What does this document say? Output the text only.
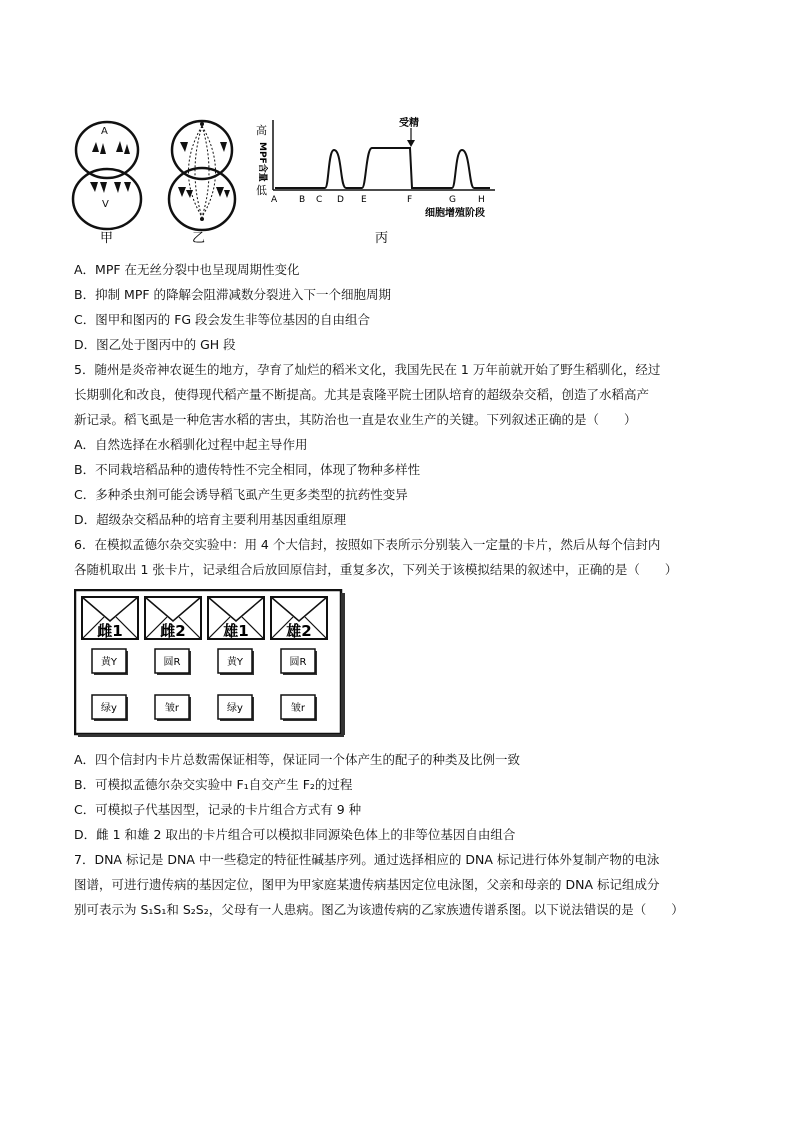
A
V
高
低
MPF含量
受精
A B C D E	F	G H
细胞增殖阶段
甲	乙	丙
A．MPF 在无丝分裂中也呈现周期性变化
B．抑制 MPF 的降解会阻滞减数分裂进入下一个细胞周期
C．图甲和图丙的 FG 段会发生非等位基因的自由组合
D．图乙处于图丙中的 GH 段
5．随州是炎帝神农诞生的地方，孕育了灿烂的稻米文化，我国先民在 1 万年前就开始了野生稻驯化，经过
长期驯化和改良，使得现代稻产量不断提高。尤其是袁隆平院士团队培育的超级杂交稻，创造了水稻高产
新记录。稻飞虱是一种危害水稻的害虫，其防治也一直是农业生产的关键。下列叙述正确的是（　　）
A．自然选择在水稻驯化过程中起主导作用
B．不同栽培稻品种的遗传特性不完全相同，体现了物种多样性
C．多种杀虫剂可能会诱导稻飞虱产生更多类型的抗药性变异
D．超级杂交稻品种的培育主要利用基因重组原理
6．在模拟孟德尔杂交实验中：用 4 个大信封，按照如下表所示分别装入一定量的卡片，然后从每个信封内
各随机取出 1 张卡片，记录组合后放回原信封，重复多次，下列关于该模拟结果的叙述中，正确的是（　　）
雌1
黄Y
绿y
雌2
圆R
皱r
雄1
黄Y
绿y
雄2
圆R
皱r
A．四个信封内卡片总数需保证相等，保证同一个体产生的配子的种类及比例一致
B．可模拟孟德尔杂交实验中 F₁自交产生 F₂的过程
C．可模拟子代基因型，记录的卡片组合方式有 9 种
D．雌 1 和雄 2 取出的卡片组合可以模拟非同源染色体上的非等位基因自由组合
7．DNA 标记是 DNA 中一些稳定的特征性碱基序列。通过选择相应的 DNA 标记进行体外复制产物的电泳
图谱，可进行遗传病的基因定位，图甲为甲家庭某遗传病基因定位电泳图，父亲和母亲的 DNA 标记组成分
别可表示为 S₁S₁和 S₂S₂，父母有一人患病。图乙为该遗传病的乙家族遗传谱系图。以下说法错误的是（　　）
